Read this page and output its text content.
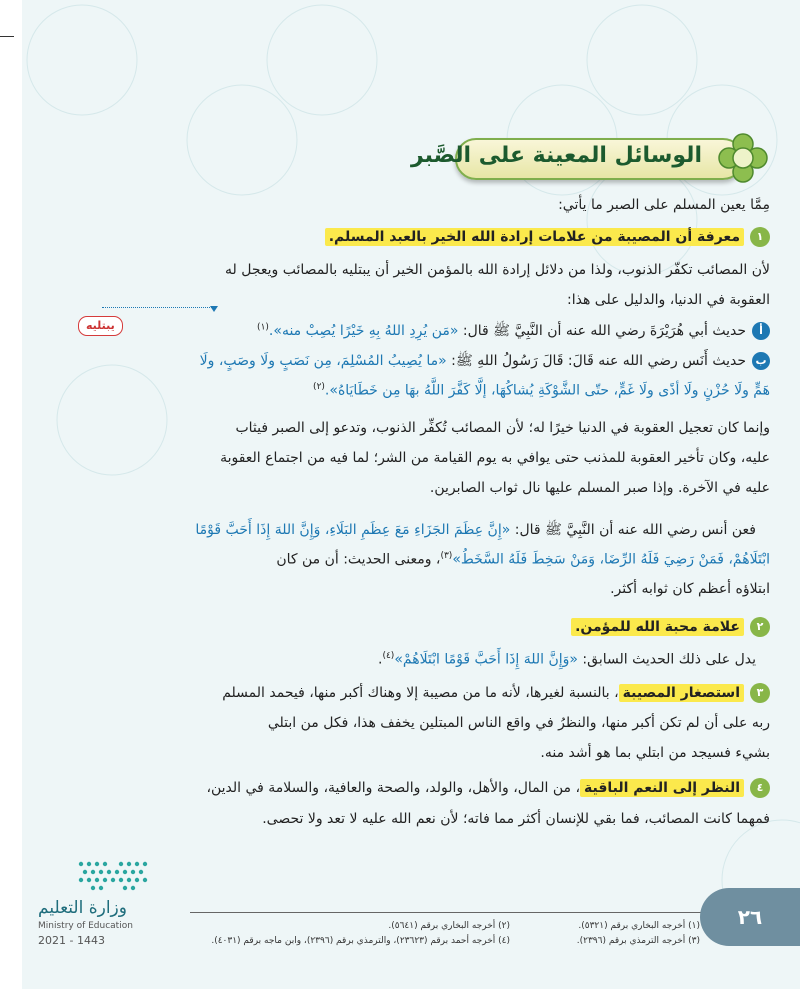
الوسائل المعينة على الصَّبر
مِمَّا يعين المسلم على الصبر ما يأتي:
١معرفة أن المصيبة من علامات إرادة الله الخير بالعبد المسلم.
لأن المصائب تكفّر الذنوب، ولذا من دلائل إرادة الله بالمؤمن الخير أن يبتليه بالمصائب ويعجل له
العقوبة في الدنيا، والدليل على هذا:
أحديث أبي هُرَيْرَةَ رضي الله عنه أن النَّبِيَّ ﷺ قال: «مَن يُرِدِ اللهُ بِهِ خَيْرًا يُصِبْ منه».$^{(١)}$
بحديث أَنَس رضي الله عنه قَالَ: قَالَ رَسُولُ اللهِ ﷺ: «ما يُصِيبُ المُسْلِمَ، مِن نَصَبٍ ولَا وصَبٍ، ولَا
هَمٍّ ولَا حُزْنٍ ولَا أذًى ولَا غَمٍّ، حتّى الشَّوْكَةِ يُشاكُهَا، إلَّا كَفَّرَ اللَّهُ بهَا مِن خَطَايَاهُ».$^{(٢)}$
وإنما كان تعجيل العقوبة في الدنيا خيرًا له؛ لأن المصائب تُكفِّر الذنوب، وتدعو إلى الصبر فيثاب
عليه، وكان تأخير العقوبة للمذنب حتى يوافي به يوم القيامة من الشر؛ لما فيه من اجتماع العقوبة
عليه في الآخرة. وإذا صبر المسلم عليها نال ثواب الصابرين.
فعن أنس رضي الله عنه أن النَّبِيَّ ﷺ قال: «إِنَّ عِظَمَ الجَزَاءِ مَعَ عِظَمِ البَلَاءِ، وَإِنَّ اللهَ إِذَا أَحَبَّ قَوْمًا
ابْتَلَاهُمْ، فَمَنْ رَضِيَ فَلَهُ الرِّضَا، وَمَنْ سَخِطَ فَلَهُ السَّخَطُ»$^{(٣)}$، ومعنى الحديث: أن من كان
ابتلاؤه أعظم كان ثوابه أكثر.
٢علامة محبة الله للمؤمن.
يدل على ذلك الحديث السابق: «وَإِنَّ اللهَ إِذَا أَحَبَّ قَوْمًا ابْتَلَاهُمْ»$^{(٤)}$.
٣استصغار المصيبة، بالنسبة لغيرها، لأنه ما من مصيبة إلا وهناك أكبر منها، فيحمد المسلم
ربه على أن لم تكن أكبر منها، والنظرُ في واقع الناس المبتلين يخفف هذا، فكل من ابتلي
بشيء فسيجد من ابتلي بما هو أشد منه.
٤النظر إلى النعم الباقية، من المال، والأهل، والولد، والصحة والعافية، والسلامة في الدين،
فمهما كانت المصائب، فما بقي للإنسان أكثر مما فاته؛ لأن نعم الله عليه لا تعد ولا تحصى.
يبتليه
(١) أخرجه البخاري برقم (٥٣٢١).
(٢) أخرجه البخاري برقم (٥٦٤١).
(٣) أخرجه الترمذي برقم (٢٣٩٦).
(٤) أخرجه أحمد برقم (٢٣٦٢٣)، والترمذي برقم (٢٣٩٦)، وابن ماجه برقم (٤٠٣١).
٢٦
وزارة التعليم
Ministry of Education
2021 - 1443
